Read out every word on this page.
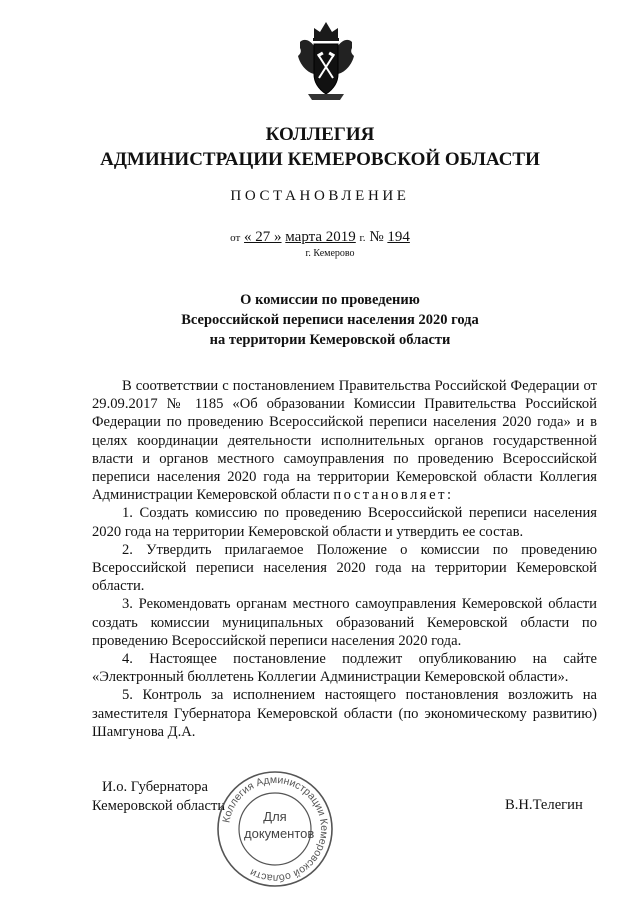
КОЛЛЕГИЯ
АДМИНИСТРАЦИИ КЕМЕРОВСКОЙ ОБЛАСТИ
ПОСТАНОВЛЕНИЕ
от « 27 » марта 2019 г. № 194
г. Кемерово
О комиссии по проведению
Всероссийской переписи населения 2020 года
на территории Кемеровской области

В соответствии с постановлением Правительства Российской Федерации от 29.09.2017 № 1185 «Об образовании Комиссии Правительства Российской Федерации по проведению Всероссийской переписи населения 2020 года» и в целях координации деятельности исполнительных органов государственной власти и органов местного самоуправления по проведению Всероссийской переписи населения 2020 года на территории Кемеровской области Коллегия Администрации Кемеровской области постановляет:

1. Создать комиссию по проведению Всероссийской переписи населения 2020 года на территории Кемеровской области и утвердить ее состав.

2. Утвердить прилагаемое Положение о комиссии по проведению Всероссийской переписи населения 2020 года на территории Кемеровской области.

3. Рекомендовать органам местного самоуправления Кемеровской области создать комиссии муниципальных образований Кемеровской области по проведению Всероссийской переписи населения 2020 года.

4. Настоящее постановление подлежит опубликованию на сайте «Электронный бюллетень Коллегии Администрации Кемеровской области».

5. Контроль за исполнением настоящего постановления возложить на заместителя Губернатора Кемеровской области (по экономическому развитию) Шамгунова Д.А.

И.о. Губернатора
Кемеровской области
Коллегия Администрации Кемеровской области
Для
документов
В.Н.Телегин
